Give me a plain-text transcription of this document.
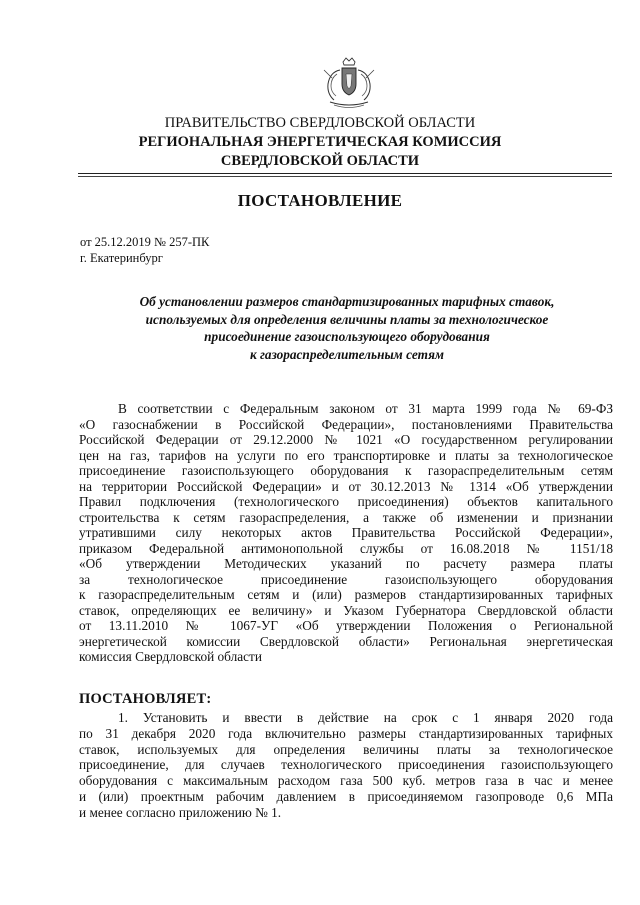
ПРАВИТЕЛЬСТВО СВЕРДЛОВСКОЙ ОБЛАСТИ
РЕГИОНАЛЬНАЯ ЭНЕРГЕТИЧЕСКАЯ КОМИССИЯ
СВЕРДЛОВСКОЙ ОБЛАСТИ
ПОСТАНОВЛЕНИЕ
от 25.12.2019 № 257-ПК
г. Екатеринбург
Об установлении размеров стандартизированных тарифных ставок,
используемых для определения величины платы за технологическое
присоединение газоиспользующего оборудования
к газораспределительным сетям
В соответствии с Федеральным законом от 31 марта 1999 года № 69-ФЗ
«О газоснабжении в Российской Федерации», постановлениями Правительства
Российской Федерации от 29.12.2000 № 1021 «О государственном регулировании
цен на газ, тарифов на услуги по его транспортировке и платы за технологическое
присоединение газоиспользующего оборудования к газораспределительным сетям
на территории Российской Федерации» и от 30.12.2013 № 1314 «Об утверждении
Правил подключения (технологического присоединения) объектов капитального
строительства к сетям газораспределения, а также об изменении и признании
утратившими силу некоторых актов Правительства Российской Федерации»,
приказом Федеральной антимонопольной службы от 16.08.2018 № 1151/18
«Об утверждении Методических указаний по расчету размера платы
за технологическое присоединение газоиспользующего оборудования
к газораспределительным сетям и (или) размеров стандартизированных тарифных
ставок, определяющих ее величину» и Указом Губернатора Свердловской области
от 13.11.2010 № 1067-УГ «Об утверждении Положения о Региональной
энергетической комиссии Свердловской области» Региональная энергетическая
комиссия Свердловской области
ПОСТАНОВЛЯЕТ:
1. Установить и ввести в действие на срок с 1 января 2020 года
по 31 декабря 2020 года включительно размеры стандартизированных тарифных
ставок, используемых для определения величины платы за технологическое
присоединение, для случаев технологического присоединения газоиспользующего
оборудования с максимальным расходом газа 500 куб. метров газа в час и менее
и (или) проектным рабочим давлением в присоединяемом газопроводе 0,6 МПа
и менее согласно приложению № 1.
